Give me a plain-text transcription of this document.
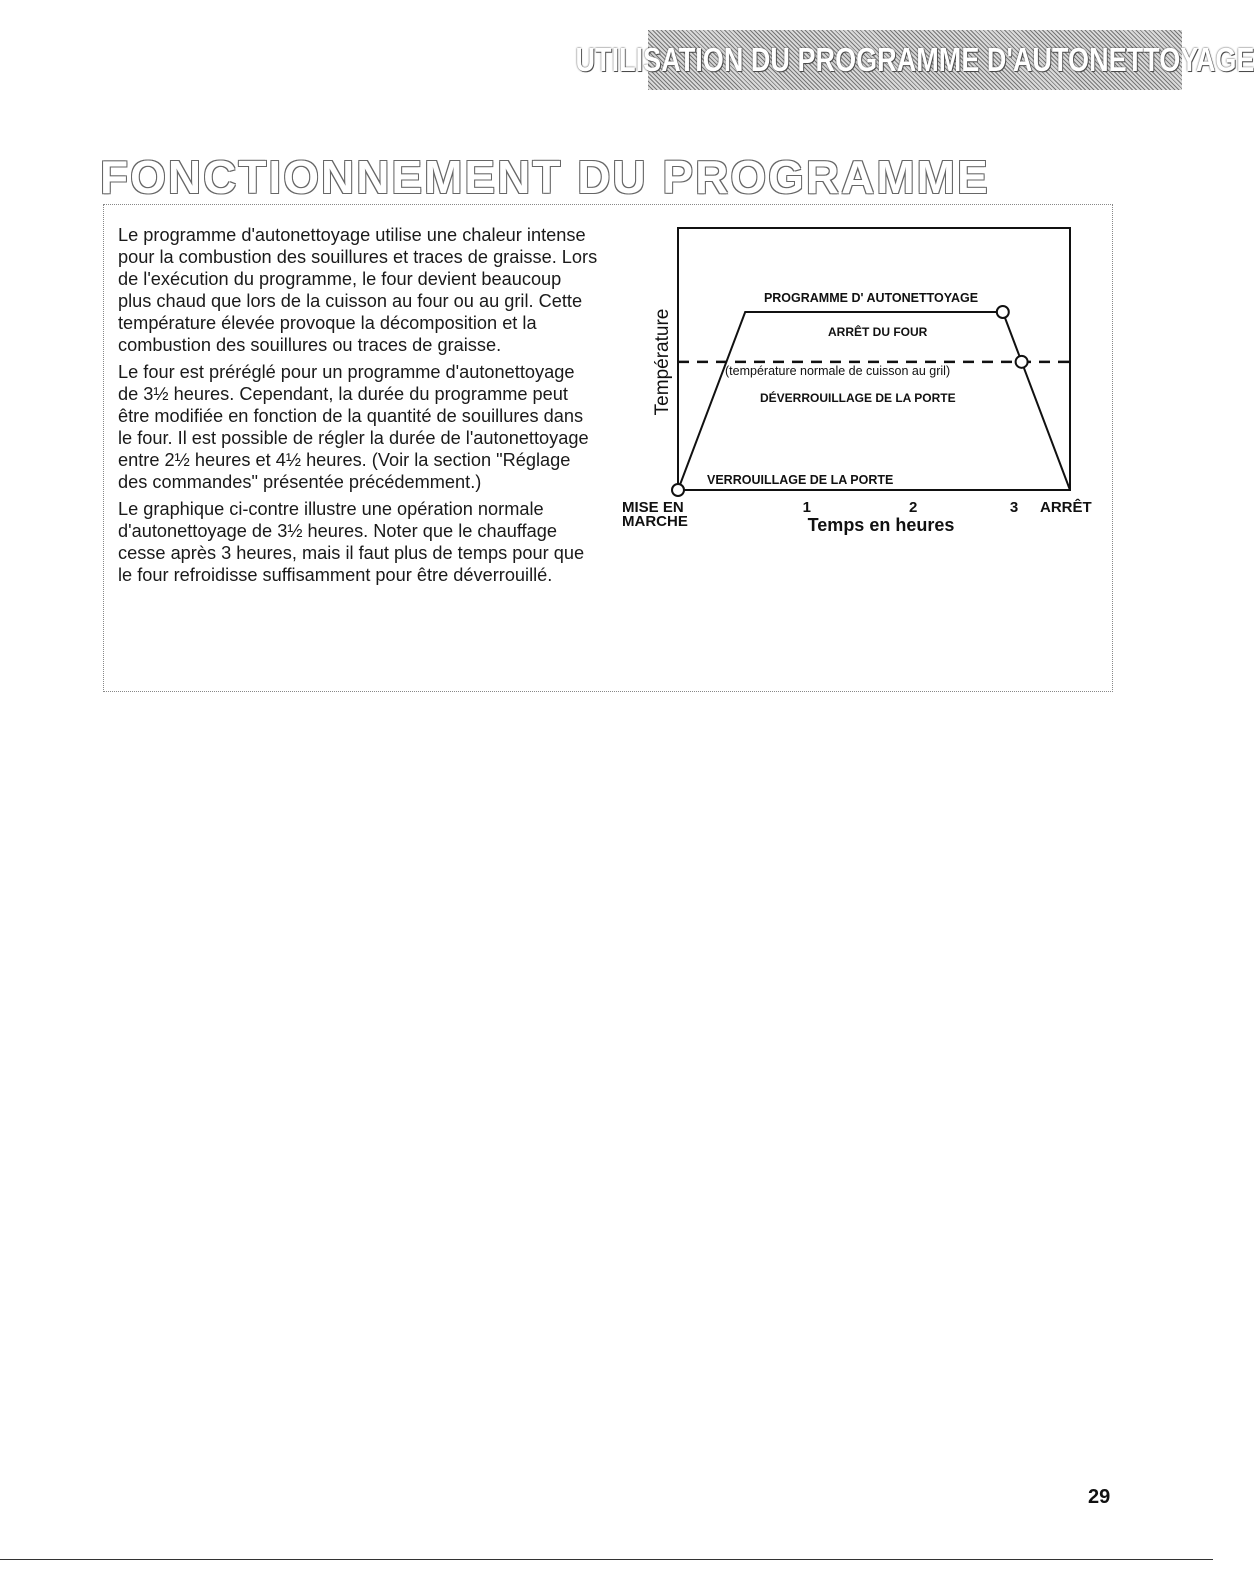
UTILISATION DU PROGRAMME D'AUTONETTOYAGE
FONCTIONNEMENT DU PROGRAMME

Le programme d'autonettoyage utilise une chaleur intense pour la combustion des souillures et traces de graisse. Lors de l'exécution du programme, le four devient beaucoup plus chaud que lors de la cuisson au four ou au gril. Cette température élevée provoque la décomposition et la combustion des souillures ou traces de graisse.

Le four est préréglé pour un programme d'autonettoyage de 3½ heures. Cependant, la durée du programme peut être modifiée en fonction de la quantité de souillures dans le four. Il est possible de régler la durée de l'autonettoyage entre 2½ heures et 4½ heures. (Voir la section "Réglage des commandes" présentée précédemment.)

Le graphique ci-contre illustre une opération normale d'autonettoyage de 3½ heures. Noter que le chauffage cesse après 3 heures, mais il faut plus de temps pour que le four refroidisse suffisamment pour être déverrouillé.

Température
MISE EN MARCHE
1	2	3 ARRÊT
Temps en heures
PROGRAMME D' AUTONETTOYAGE
ARRÊT DU FOUR
(température normale de cuisson au gril)
DÉVERROUILLAGE DE LA PORTE
VERROUILLAGE DE LA PORTE
29
